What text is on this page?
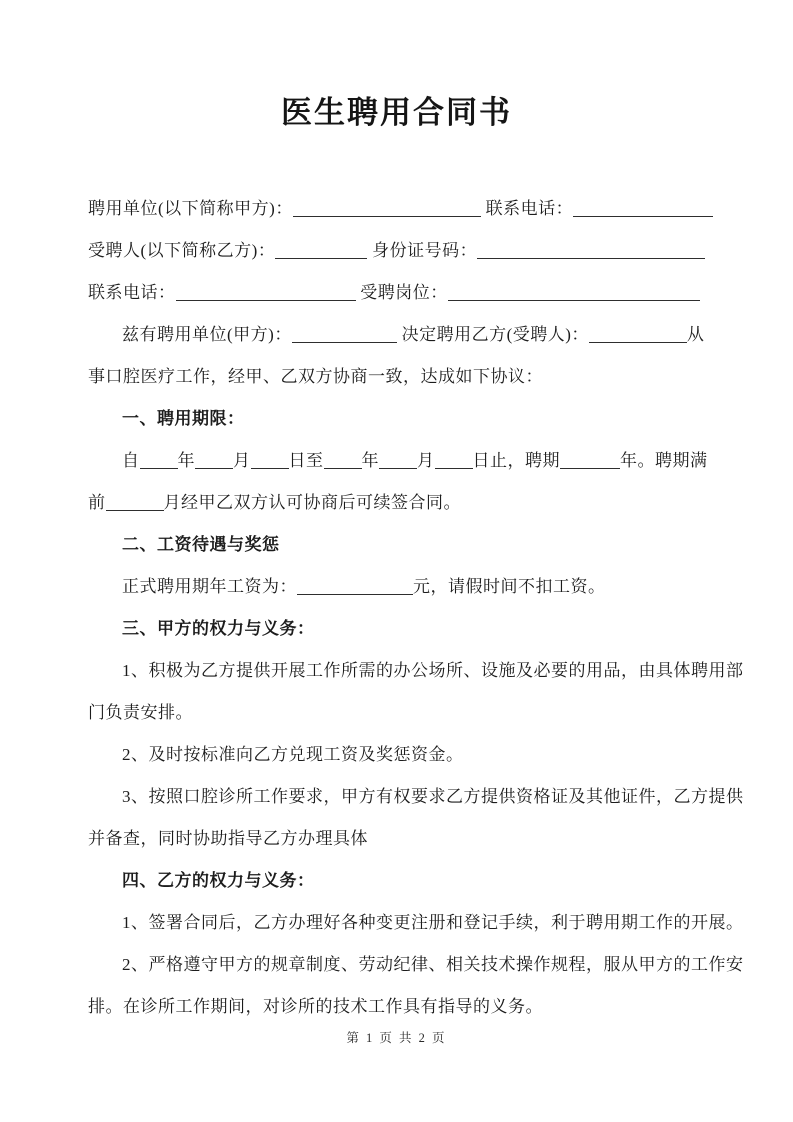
医生聘用合同书
聘用单位(以下简称甲方)：	联系电话：
受聘人(以下简称乙方)：	身份证号码：
联系电话：	受聘岗位：
兹有聘用单位(甲方)：	决定聘用乙方(受聘人)：	从
事口腔医疗工作，经甲、乙双方协商一致，达成如下协议：
一、聘用期限：
自 年 月 日至 年 月 日止，聘期	年。聘期满
前	月经甲乙双方认可协商后可续签合同。
二、工资待遇与奖惩
正式聘用期年工资为：	元，请假时间不扣工资。
三、甲方的权力与义务：
1、积极为乙方提供开展工作所需的办公场所、设施及必要的用品，由具体聘用部
门负责安排。
2、及时按标准向乙方兑现工资及奖惩资金。
3、按照口腔诊所工作要求，甲方有权要求乙方提供资格证及其他证件，乙方提供
并备查，同时协助指导乙方办理具体
四、乙方的权力与义务：
1、签署合同后，乙方办理好各种变更注册和登记手续，利于聘用期工作的开展。
2、严格遵守甲方的规章制度、劳动纪律、相关技术操作规程，服从甲方的工作安
排。在诊所工作期间，对诊所的技术工作具有指导的义务。
第 1 页 共 2 页
